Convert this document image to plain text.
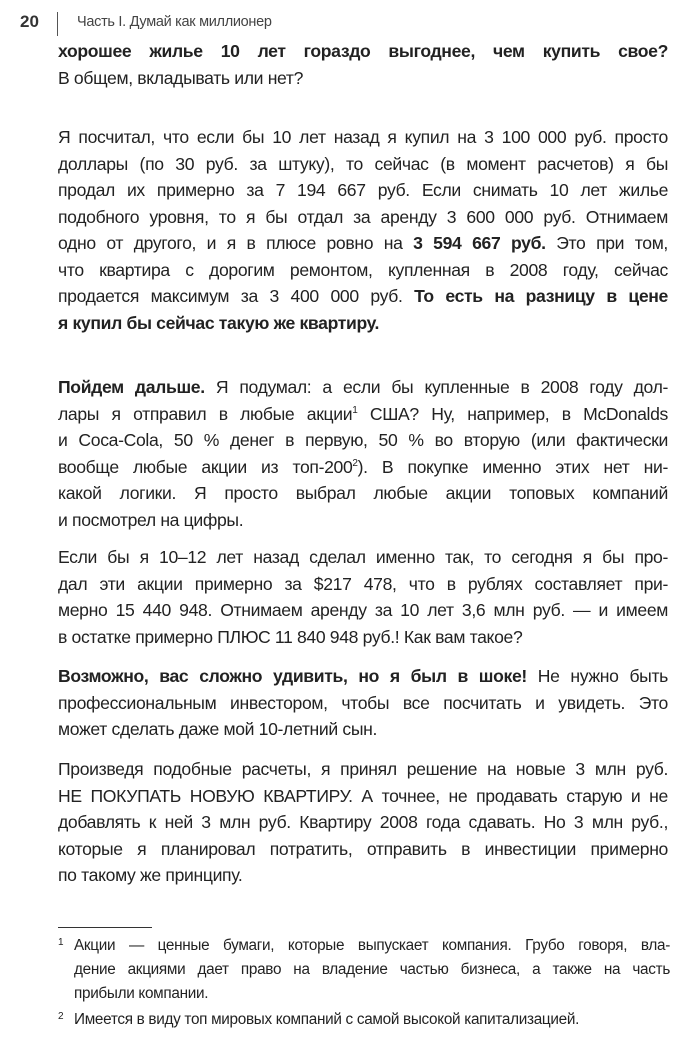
20	Часть I. Думай как миллионер
хорошее жилье 10 лет гораздо выгоднее, чем купить свое?
В общем, вкладывать или нет?
Я посчитал, что если бы 10 лет назад я купил на 3 100 000 руб. просто
доллары (по 30 руб. за штуку), то сейчас (в момент расчетов) я бы
продал их примерно за 7 194 667 руб. Если снимать 10 лет жилье
подобного уровня, то я бы отдал за аренду 3 600 000 руб. Отнимаем
одно от другого, и я в плюсе ровно на 3 594 667 руб. Это при том,
что квартира с дорогим ремонтом, купленная в 2008 году, сейчас
продается максимум за 3 400 000 руб. То есть на разницу в цене
я купил бы сейчас такую же квартиру.
Пойдем дальше. Я подумал: а если бы купленные в 2008 году дол-
лары я отправил в любые акции$^1$ США? Ну, например, в McDonalds
и Coca-Cola, 50 % денег в первую, 50 % во вторую (или фактически
вообще любые акции из топ-$200^2$). В покупке именно этих нет ни-
какой логики. Я просто выбрал любые акции топовых компаний
и посмотрел на цифры.
Если бы я 10–12 лет назад сделал именно так, то сегодня я бы про-
дал эти акции примерно за $217 478, что в рублях составляет при-
мерно 15 440 948. Отнимаем аренду за 10 лет 3,6 млн руб. — и имеем
в остатке примерно ПЛЮС 11 840 948 руб.! Как вам такое?
Возможно, вас сложно удивить, но я был в шоке! Не нужно быть
профессиональным инвестором, чтобы все посчитать и увидеть. Это
может сделать даже мой 10-летний сын.
Произведя подобные расчеты, я принял решение на новые 3 млн руб.
НЕ ПОКУПАТЬ НОВУЮ КВАРТИРУ. А точнее, не продавать старую и не
добавлять к ней 3 млн руб. Квартиру 2008 года сдавать. Но 3 млн руб.,
которые я планировал потратить, отправить в инвестиции примерно
по такому же принципу.
1 Акции — ценные бумаги, которые выпускает компания. Грубо говоря, вла-
дение акциями дает право на владение частью бизнеса, а также на часть
прибыли компании.
2 Имеется в виду топ мировых компаний с самой высокой капитализацией.
